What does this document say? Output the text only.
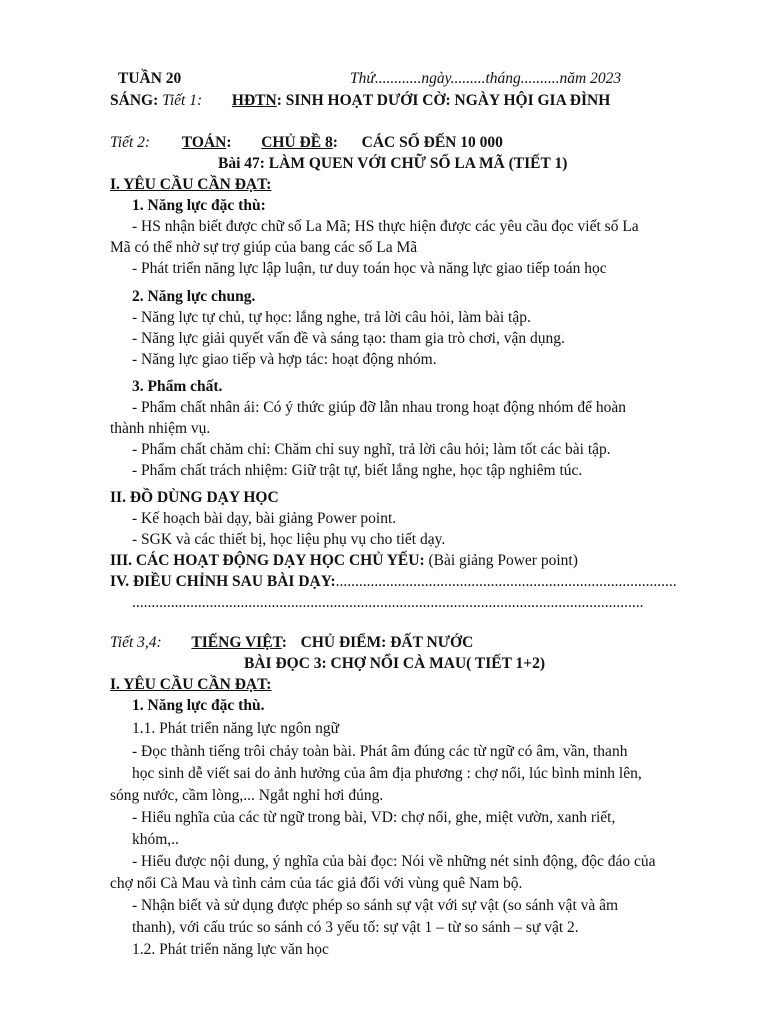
TUẦN 20	Thứ............ngày.........tháng..........năm 2023
SÁNG: Tiết 1: HĐTN: SINH HOẠT DƯỚI CỜ: NGÀY HỘI GIA ĐÌNH
Tiết 2: TOÁN: CHỦ ĐỀ 8: CÁC SỐ ĐẾN 10 000
Bài 47: LÀM QUEN VỚI CHỮ SỐ LA MÃ (TIẾT 1)
I. YÊU CẦU CẦN ĐẠT:
1. Năng lực đặc thù:
- HS nhận biết được chữ số La Mã; HS thực hiện được các yêu cầu đọc viết số La
Mã có thể nhờ sự trợ giúp của bang các số La Mã
- Phát triển năng lực lập luận, tư duy toán học và năng lực giao tiếp toán học
2. Năng lực chung.
- Năng lực tự chủ, tự học: lắng nghe, trả lời câu hỏi, làm bài tập.
- Năng lực giải quyết vấn đề và sáng tạo: tham gia trò chơi, vận dụng.
- Năng lực giao tiếp và hợp tác: hoạt động nhóm.
3. Phẩm chất.
- Phẩm chất nhân ái: Có ý thức giúp đỡ lẫn nhau trong hoạt động nhóm để hoàn
thành nhiệm vụ.
- Phẩm chất chăm chỉ: Chăm chỉ suy nghĩ, trả lời câu hỏi; làm tốt các bài tập.
- Phẩm chất trách nhiệm: Giữ trật tự, biết lắng nghe, học tập nghiêm túc.
II. ĐỒ DÙNG DẠY HỌC
- Kế hoạch bài dạy, bài giảng Power point.
- SGK và các thiết bị, học liệu phụ vụ cho tiết dạy.
III. CÁC HOẠT ĐỘNG DẠY HỌC CHỦ YẾU: (Bài giảng Power point)
IV. ĐIỀU CHỈNH SAU BÀI DẠY:........................................................................................
....................................................................................................................................
Tiết 3,4: TIẾNG VIỆT: CHỦ ĐIỂM: ĐẤT NƯỚC
BÀI ĐỌC 3: CHỢ NỔI CÀ MAU( TIẾT 1+2)
I. YÊU CẦU CẦN ĐẠT:
1. Năng lực đặc thù.
1.1. Phát triển năng lực ngôn ngữ
- Đọc thành tiếng trôi chảy toàn bài. Phát âm đúng các từ ngữ có âm, vần, thanh
học sinh dễ viết sai do ảnh hưởng của âm địa phương : chợ nổi, lúc bình minh lên,
sóng nước, cầm lòng,... Ngắt nghỉ hơi đúng.
- Hiểu nghĩa của các từ ngữ trong bài, VD: chợ nổi, ghe, miệt vườn, xanh riết,
khóm,..
- Hiểu được nội dung, ý nghĩa của bài đọc: Nói về những nét sinh động, độc đáo của
chợ nổi Cà Mau và tình cảm của tác giả đối với vùng quê Nam bộ.
- Nhận biết và sử dụng được phép so sánh sự vật với sự vật (so sánh vật và âm
thanh), với cấu trúc so sánh có 3 yếu tố: sự vật 1 – từ so sánh – sự vật 2.
1.2. Phát triển năng lực văn học
